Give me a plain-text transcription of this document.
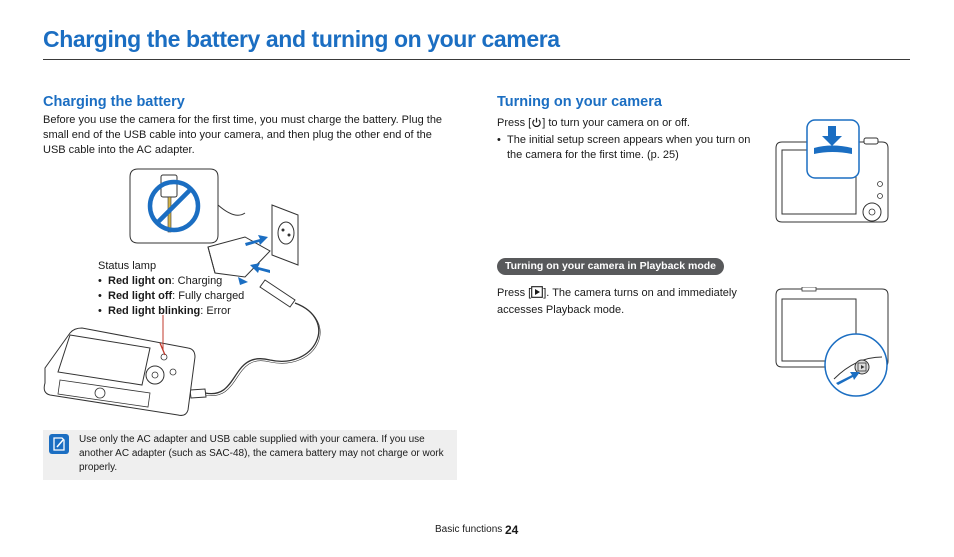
Charging the battery and turning on your camera
Charging the battery
Before you use the camera for the first time, you must charge the battery. Plug the small end of the USB cable into your camera, and then plug the other end of the USB cable into the AC adapter.
Status lamp
• Red light on: Charging
• Red light off: Fully charged
• Red light blinking: Error
Use only the AC adapter and USB cable supplied with your camera. If you use another AC adapter (such as SAC-48), the camera battery may not charge or work properly.
Turning on your camera
Press [ ] to turn your camera on or off.
• The initial setup screen appears when you turn on the camera for the first time. (p. 25)
Turning on your camera in Playback mode
Press [ ]. The camera turns on and immediately accesses Playback mode.
Basic functions 24
